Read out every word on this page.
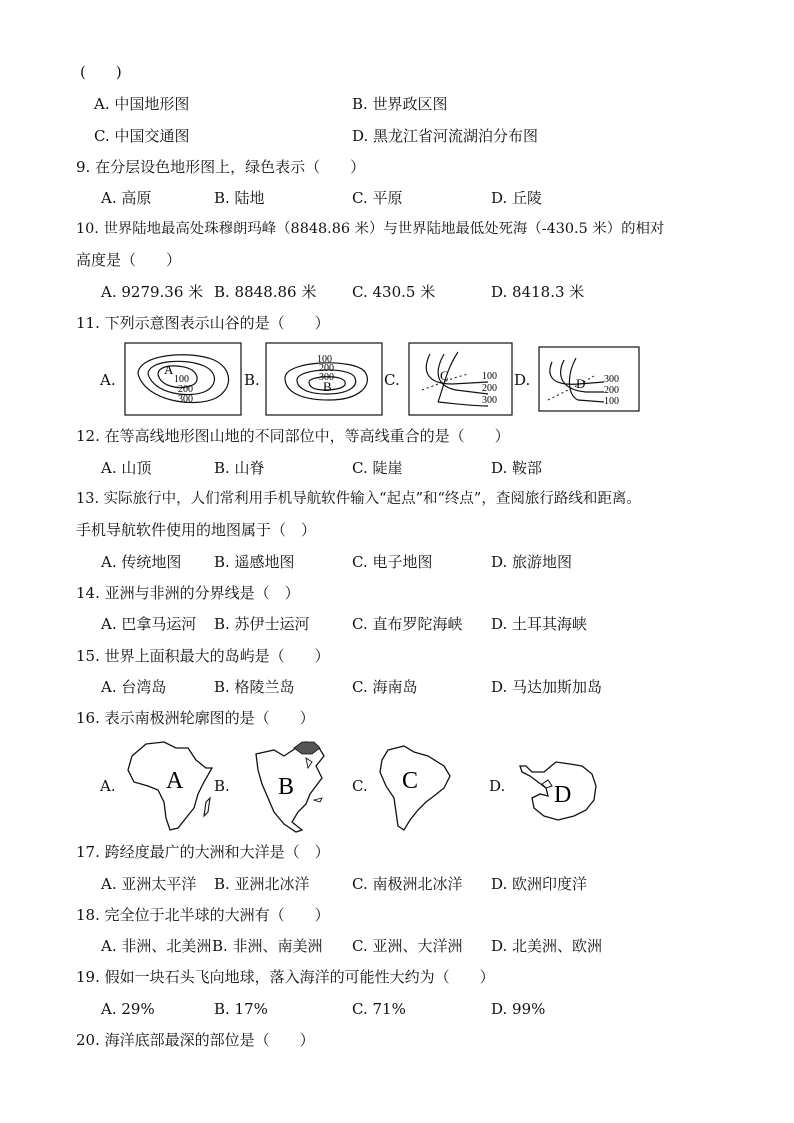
(　　)
A. 中国地形图	B. 世界政区图
C. 中国交通图	D. 黑龙江省河流湖泊分布图
9. 在分层设色地形图上，绿色表示（　　）
A. 高原	B. 陆地	C. 平原	D. 丘陵
10. 世界陆地最高处珠穆朗玛峰（8848.86 米）与世界陆地最低处死海（-430.5 米）的相对
高度是（　　）
A. 9279.36 米 B. 8848.86 米 C. 430.5 米	D. 8418.3 米
11. 下列示意图表示山谷的是（　　）
A.	B.	C.	D.
A
100
200
300
100
200
300
B
C	100
200
300
D 300
200
100
12. 在等高线地形图山地的不同部位中，等高线重合的是（　　）
A. 山顶	B. 山脊	C. 陡崖	D. 鞍部
13. 实际旅行中，人们常利用手机导航软件输入“起点”和“终点”，查阅旅行路线和距离。
手机导航软件使用的地图属于（　）
A. 传统地图 B. 遥感地图	C. 电子地图	D. 旅游地图
14. 亚洲与非洲的分界线是（　）
A. 巴拿马运河 B. 苏伊士运河	C. 直布罗陀海峡 D. 土耳其海峡
15. 世界上面积最大的岛屿是（　　）
A. 台湾岛	B. 格陵兰岛	C. 海南岛	D. 马达加斯加岛
16. 表示南极洲轮廓图的是（　　）
A.	B.	C.	D.
A	B	C
D
17. 跨经度最广的大洲和大洋是（　）
A. 亚洲太平洋 B. 亚洲北冰洋	C. 南极洲北冰洋 D. 欧洲印度洋
18. 完全位于北半球的大洲有（　　）
A. 非洲、北美洲 B. 非洲、南美洲 C. 亚洲、大洋洲 D. 北美洲、欧洲
19. 假如一块石头飞向地球，落入海洋的可能性大约为（　　）
A. 29%	B. 17%	C. 71%	D. 99%
20. 海洋底部最深的部位是（　　）
